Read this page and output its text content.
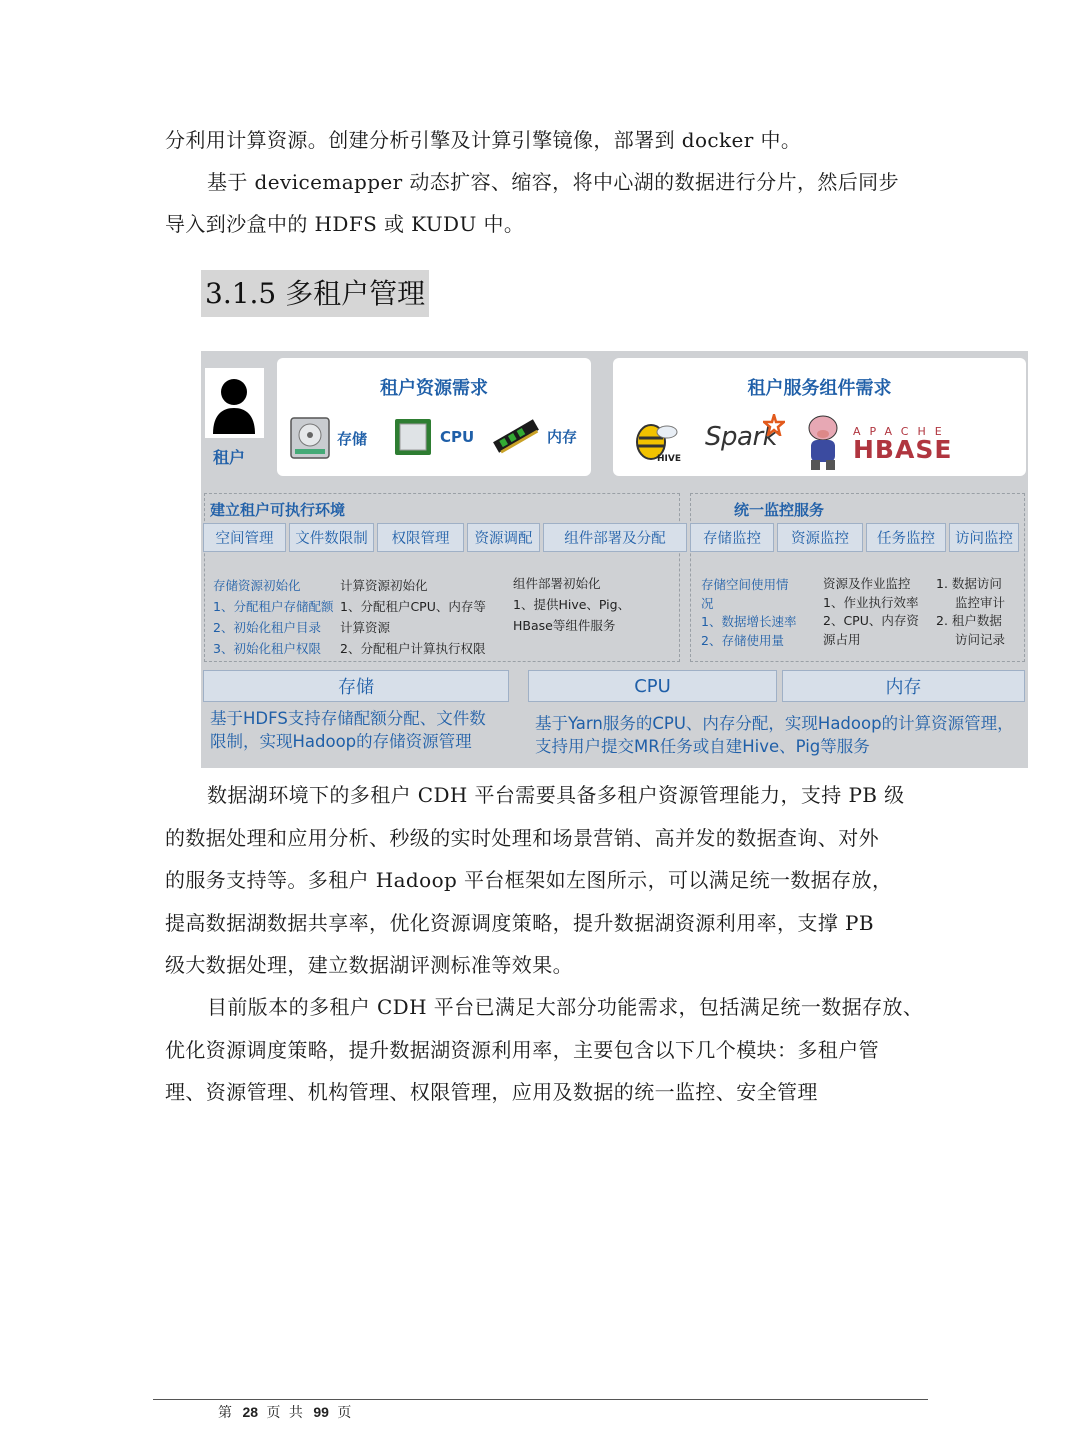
分利用计算资源。创建分析引擎及计算引擎镜像，部署到 docker 中。
基于 devicemapper 动态扩容、缩容，将中心湖的数据进行分片，然后同步
导入到沙盒中的 HDFS 或 KUDU 中。
3.1.5 多租户管理
租户
租户资源需求
存储	CPU	内存
租户服务组件需求
HIVE
Spark	APACHE
HBASE
建立租户可执行环境
空间管理	文件数限制	权限管理	资源调配	组件部署及分配
存储资源初始化
1、分配租户存储配额
2、初始化租户目录
3、初始化租户权限
计算资源初始化
1、分配租户CPU、内存等
计算资源
2、分配租户计算执行权限
组件部署初始化
1、提供Hive、Pig、
HBase等组件服务
统一监控服务
存储监控	资源监控	任务监控	访问监控
存储空间使用情
况
1、数据增长速率
2、存储使用量
资源及作业监控
1、作业执行效率
2、CPU、内存资
源占用
1. 数据访问
监控审计
2. 租户数据
访问记录
存储	CPU	内存
基于HDFS支持存储配额分配、文件数
限制，实现Hadoop的存储资源管理
基于Yarn服务的CPU、内存分配，实现Hadoop的计算资源管理，
支持用户提交MR任务或自建Hive、Pig等服务
数据湖环境下的多租户 CDH 平台需要具备多租户资源管理能力，支持 PB 级
的数据处理和应用分析、秒级的实时处理和场景营销、高并发的数据查询、对外
的服务支持等。多租户 Hadoop 平台框架如左图所示，可以满足统一数据存放，
提高数据湖数据共享率，优化资源调度策略，提升数据湖资源利用率，支撑 PB
级大数据处理，建立数据湖评测标准等效果。
目前版本的多租户 CDH 平台已满足大部分功能需求，包括满足统一数据存放、
优化资源调度策略，提升数据湖资源利用率，主要包含以下几个模块：多租户管
理、资源管理、机构管理、权限管理，应用及数据的统一监控、安全管理
第 28 页 共 99 页
